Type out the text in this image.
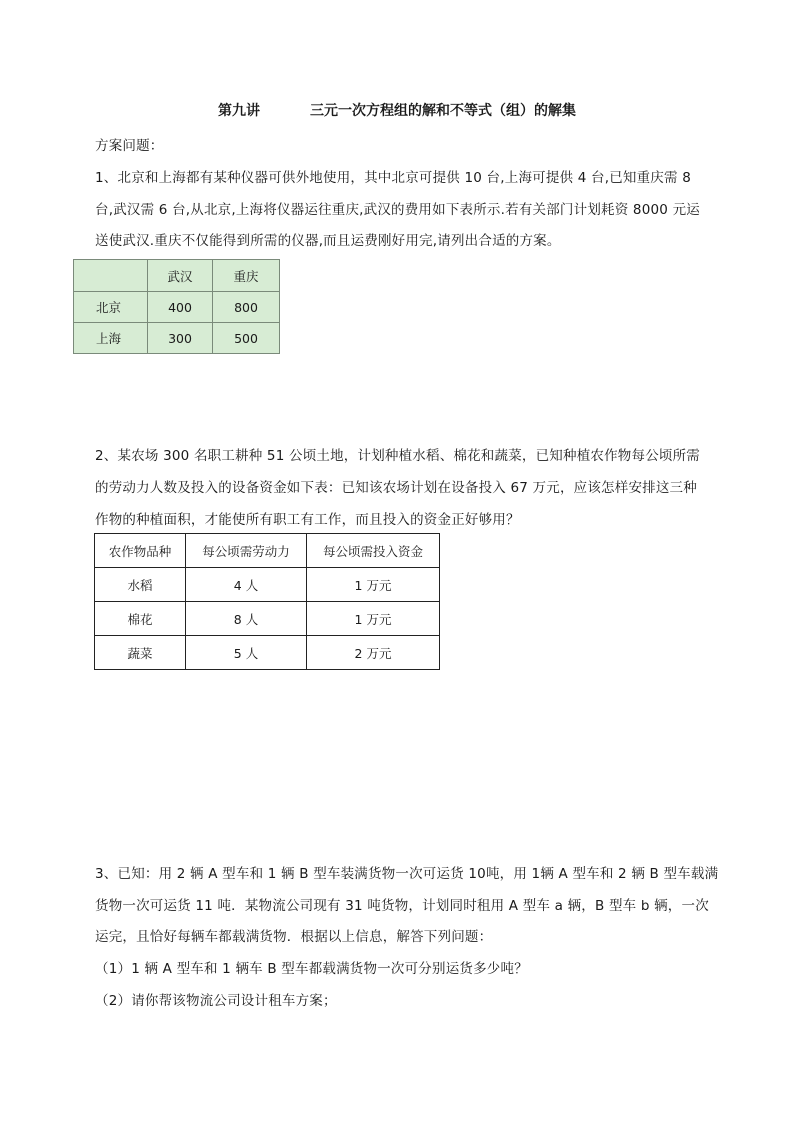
第九讲	三元一次方程组的解和不等式（组）的解集
方案问题：
1、北京和上海都有某种仪器可供外地使用，其中北京可提供 10 台,上海可提供 4 台,已知重庆需 8
台,武汉需 6 台,从北京,上海将仪器运往重庆,武汉的费用如下表所示.若有关部门计划耗资 8000 元运
送使武汉.重庆不仅能得到所需的仪器,而且运费刚好用完,请列出合适的方案。
	武汉	重庆
北京	400	800
上海	300	500
2、某农场 300 名职工耕种 51 公顷土地，计划种植水稻、棉花和蔬菜，已知种植农作物每公顷所需
的劳动力人数及投入的设备资金如下表：已知该农场计划在设备投入 67 万元，应该怎样安排这三种
作物的种植面积，才能使所有职工有工作，而且投入的资金正好够用？
农作物品种	每公顷需劳动力	每公顷需投入资金
水稻	4 人	1 万元
棉花	8 人	1 万元
蔬菜	5 人	2 万元
3、已知：用 2 辆 A 型车和 1 辆 B 型车装满货物一次可运货 10吨，用 1辆 A 型车和 2 辆 B 型车载满
货物一次可运货 11 吨．某物流公司现有 31 吨货物，计划同时租用 A 型车 a 辆，B 型车 b 辆，一次
运完，且恰好每辆车都载满货物．根据以上信息，解答下列问题：
（1）1 辆 A 型车和 1 辆车 B 型车都载满货物一次可分别运货多少吨？
（2）请你帮该物流公司设计租车方案；
